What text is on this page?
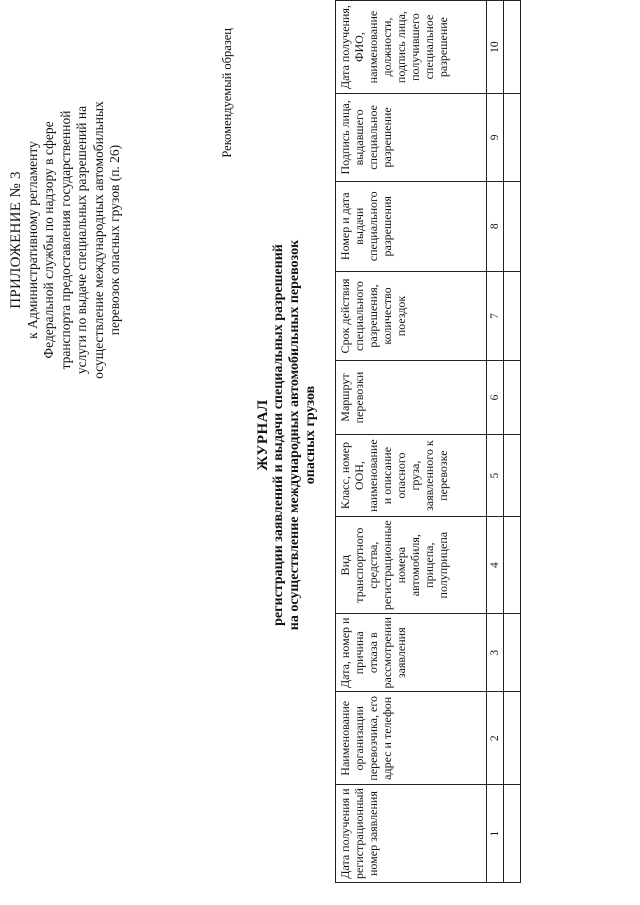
ПРИЛОЖЕНИЕ № 3 к Административному регламенту Федеральной службы по надзору в сфере транспорта предоставления государственной услуги по выдаче специальных разрешений на осуществление международных автомобильных перевозок опасных грузов (п. 26)
Рекомендуемый образец
ЖУРНАЛ регистрации заявлений и выдачи специальных разрешений на осуществление международных автомобильных перевозок опасных грузов
Дата получения и регистрационный номер заявления	Наименование организации перевозчика, его адрес и телефон	Дата, номер и причина отказа в рассмотрении заявления	Вид транспортного средства, регистрационные номера автомобиля, прицепа, полуприцепа	Класс, номер ООН, наименование и описание опасного груза, заявленного к перевозке	Маршрут перевозки	Срок действия специального разрешения, количество поездок	Номер и дата выдачи специального разрешения	Подпись лица, выдавшего специальное разрешение	Дата получения, ФИО, наименование должности, подпись лица, получившего специальное разрешение
1	2	3	4	5	6	7	8	9	10
